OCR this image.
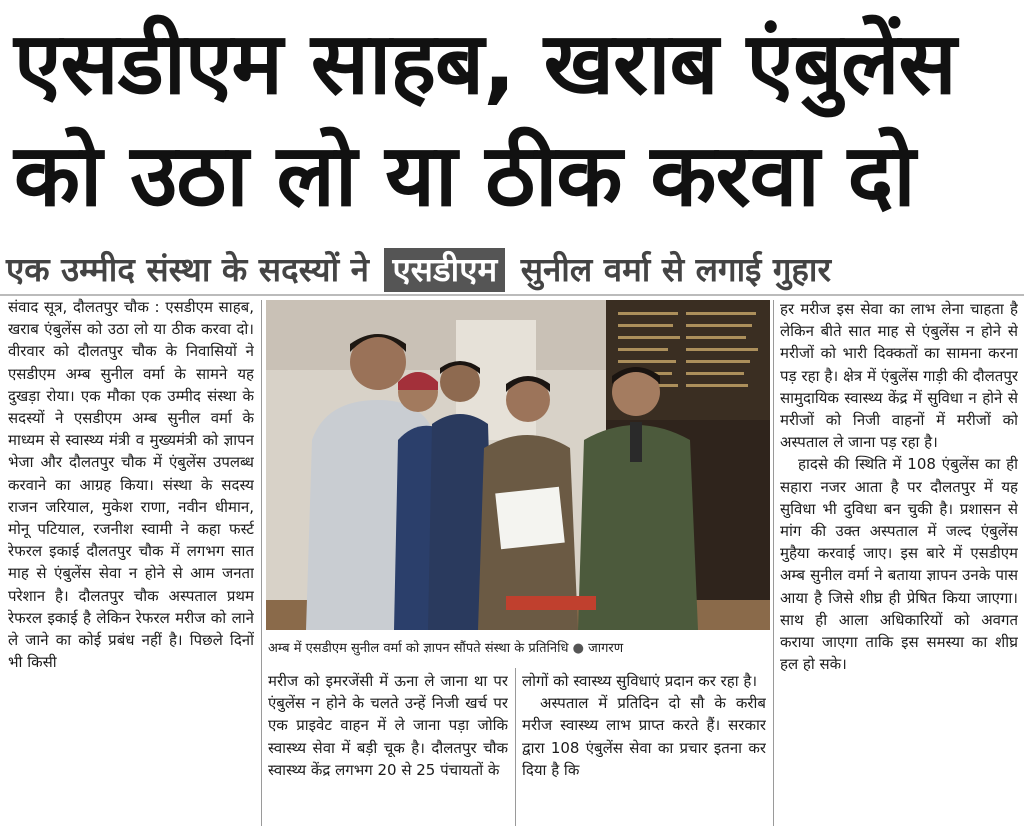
एसडीएम साहब, खराब एंबुलेंस
को उठा लो या ठीक करवा दो
एक उम्मीद संस्था के सदस्यों ने एसडीएम सुनील वर्मा से लगाई गुहार

संवाद सूत्र, दौलतपुर चौक : एसडीएम साहब, खराब एंबुलेंस को उठा लो या ठीक करवा दो। वीरवार को दौलतपुर चौक के निवासियों ने एसडीएम अम्ब सुनील वर्मा के सामने यह दुखड़ा रोया। एक मौका एक उम्मीद संस्था के सदस्यों ने एसडीएम अम्ब सुनील वर्मा के माध्यम से स्वास्थ्य मंत्री व मुख्यमंत्री को ज्ञापन भेजा और दौलतपुर चौक में एंबुलेंस उपलब्ध करवाने का आग्रह किया। संस्था के सदस्य राजन जरियाल, मुकेश राणा, नवीन धीमान, मोनू पटियाल, रजनीश स्वामी ने कहा फर्स्ट रेफरल इकाई दौलतपुर चौक में लगभग सात माह से एंबुलेंस सेवा न होने से आम जनता परेशान है। दौलतपुर चौक अस्पताल प्रथम रेफरल इकाई है लेकिन रेफरल मरीज को लाने ले जाने का कोई प्रबंध नहीं है। पिछले दिनों भी किसी

अम्ब में एसडीएम सुनील वर्मा को ज्ञापन सौंपते संस्था के प्रतिनिधि ● जागरण

मरीज को इमरजेंसी में ऊना ले जाना था पर एंबुलेंस न होने के चलते उन्हें निजी खर्च पर एक प्राइवेट वाहन में ले जाना पड़ा जोकि स्वास्थ्य सेवा में बड़ी चूक है। दौलतपुर चौक स्वास्थ्य केंद्र लगभग 20 से 25 पंचायतों के

लोगों को स्वास्थ्य सुविधाएं प्रदान कर रहा है।

अस्पताल में प्रतिदिन दो सौ के करीब मरीज स्वास्थ्य लाभ प्राप्त करते हैं। सरकार द्वारा 108 एंबुलेंस सेवा का प्रचार इतना कर दिया है कि

हर मरीज इस सेवा का लाभ लेना चाहता है लेकिन बीते सात माह से एंबुलेंस न होने से मरीजों को भारी दिक्कतों का सामना करना पड़ रहा है। क्षेत्र में एंबुलेंस गाड़ी की दौलतपुर सामुदायिक स्वास्थ्य केंद्र में सुविधा न होने से मरीजों को निजी वाहनों में मरीजों को अस्पताल ले जाना पड़ रहा है।

हादसे की स्थिति में 108 एंबुलेंस का ही सहारा नजर आता है पर दौलतपुर में यह सुविधा भी दुविधा बन चुकी है। प्रशासन से मांग की उक्त अस्पताल में जल्द एंबुलेंस मुहैया करवाई जाए। इस बारे में एसडीएम अम्ब सुनील वर्मा ने बताया ज्ञापन उनके पास आया है जिसे शीघ्र ही प्रेषित किया जाएगा। साथ ही आला अधिकारियों को अवगत कराया जाएगा ताकि इस समस्या का शीघ्र हल हो सके।
